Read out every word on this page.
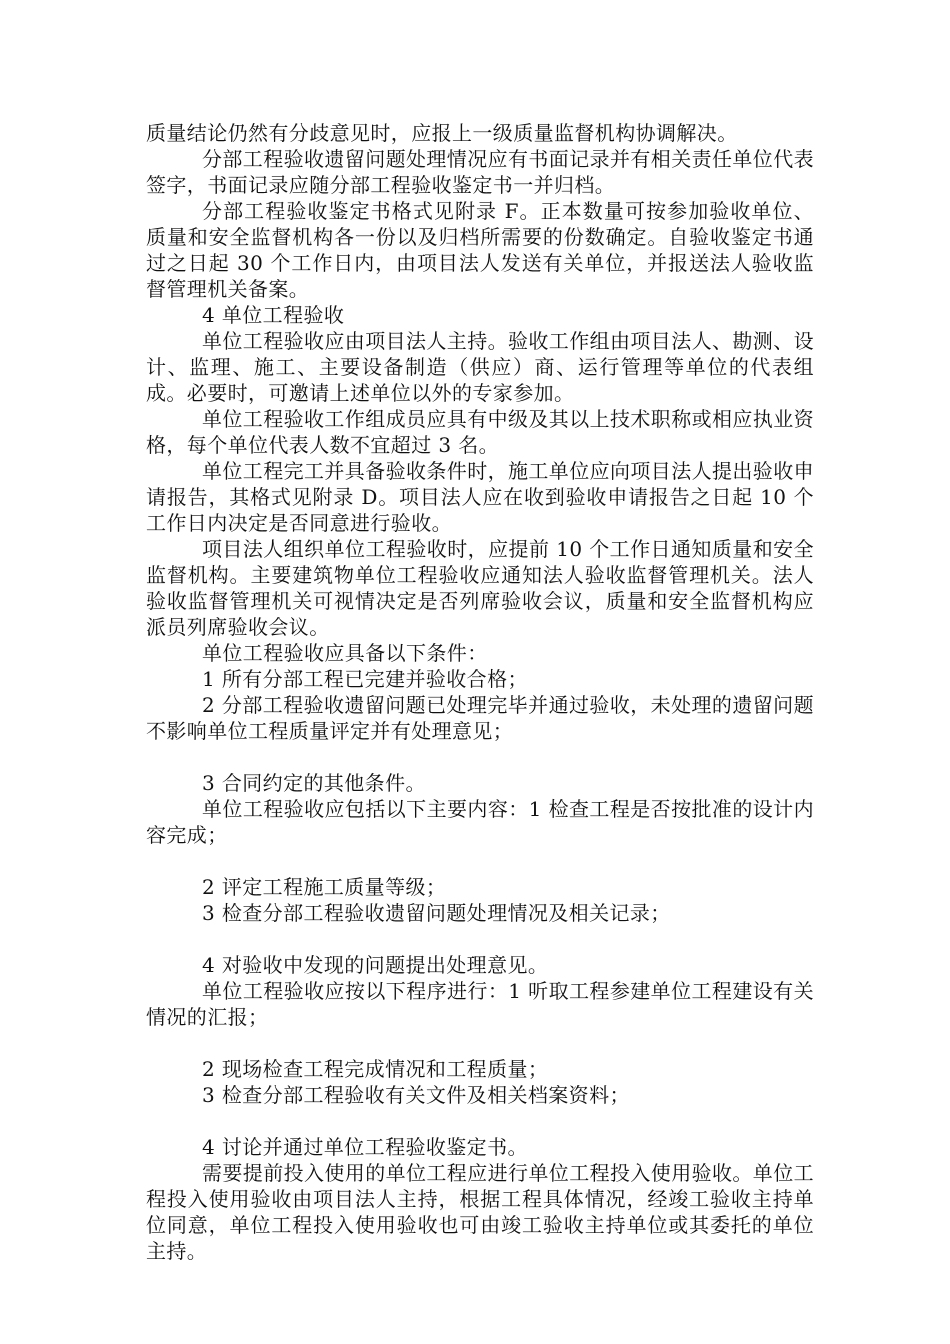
质量结论仍然有分歧意见时，应报上一级质量监督机构协调解决。

分部工程验收遗留问题处理情况应有书面记录并有相关责任单位代表签字，书面记录应随分部工程验收鉴定书一并归档。

分部工程验收鉴定书格式见附录 F。正本数量可按参加验收单位、质量和安全监督机构各一份以及归档所需要的份数确定。自验收鉴定书通过之日起 30 个工作日内，由项目法人发送有关单位，并报送法人验收监督管理机关备案。

4 单位工程验收

单位工程验收应由项目法人主持。验收工作组由项目法人、勘测、设计、监理、施工、主要设备制造（供应）商、运行管理等单位的代表组成。必要时，可邀请上述单位以外的专家参加。

单位工程验收工作组成员应具有中级及其以上技术职称或相应执业资格，每个单位代表人数不宜超过 3 名。

单位工程完工并具备验收条件时，施工单位应向项目法人提出验收申请报告，其格式见附录 D。项目法人应在收到验收申请报告之日起 10 个工作日内决定是否同意进行验收。

项目法人组织单位工程验收时，应提前 10 个工作日通知质量和安全监督机构。主要建筑物单位工程验收应通知法人验收监督管理机关。法人验收监督管理机关可视情决定是否列席验收会议，质量和安全监督机构应派员列席验收会议。

单位工程验收应具备以下条件：

1 所有分部工程已完建并验收合格；

2 分部工程验收遗留问题已处理完毕并通过验收，未处理的遗留问题不影响单位工程质量评定并有处理意见；

3 合同约定的其他条件。

单位工程验收应包括以下主要内容：1 检查工程是否按批准的设计内容完成；

2 评定工程施工质量等级；

3 检查分部工程验收遗留问题处理情况及相关记录；

4 对验收中发现的问题提出处理意见。

单位工程验收应按以下程序进行：1 听取工程参建单位工程建设有关情况的汇报；

2 现场检查工程完成情况和工程质量；

3 检查分部工程验收有关文件及相关档案资料；

4 讨论并通过单位工程验收鉴定书。

需要提前投入使用的单位工程应进行单位工程投入使用验收。单位工程投入使用验收由项目法人主持，根据工程具体情况，经竣工验收主持单位同意，单位工程投入使用验收也可由竣工验收主持单位或其委托的单位主持。
